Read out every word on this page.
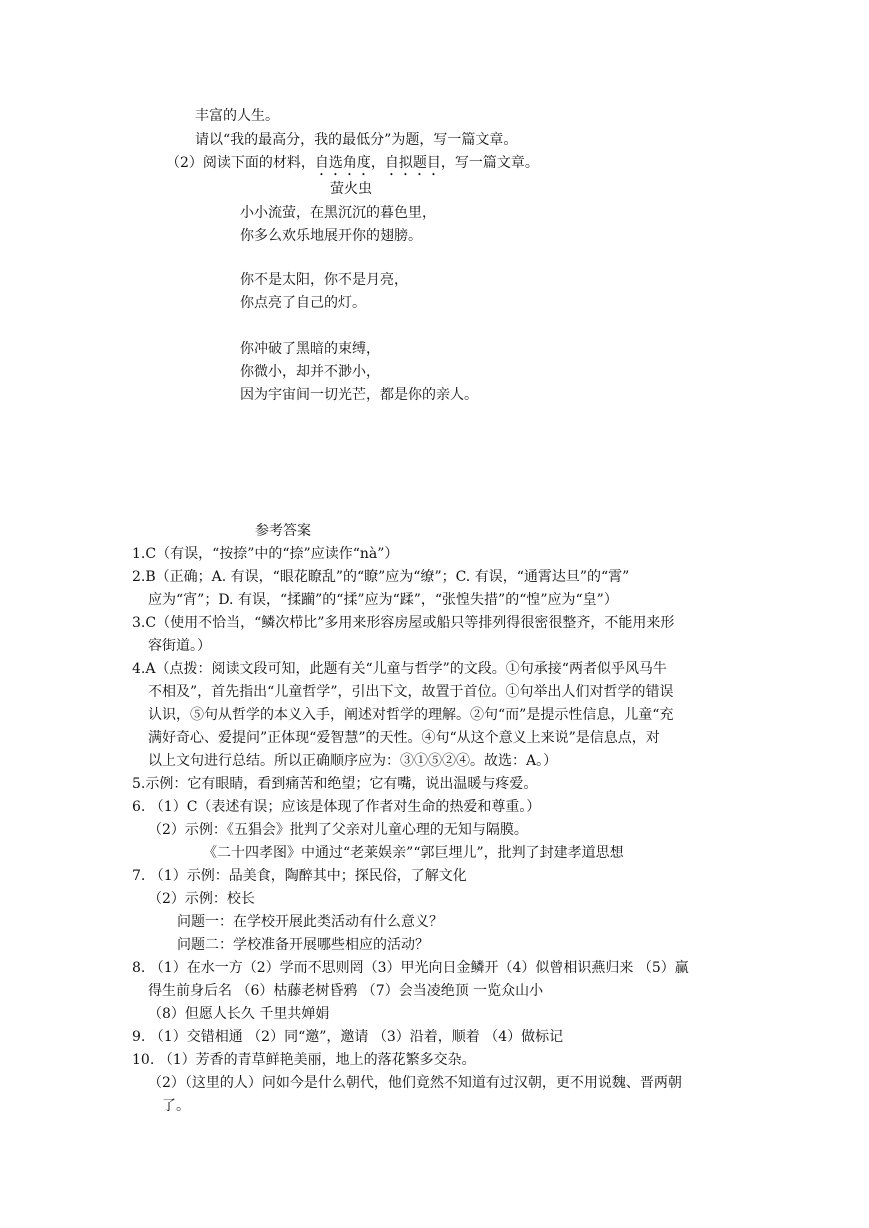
丰富的人生。
请以“我的最高分，我的最低分”为题，写一篇文章。
（2）阅读下面的材料，自选角度，自拟题目，写一篇文章。
萤火虫
小小流萤，在黑沉沉的暮色里，
你多么欢乐地展开你的翅膀。
你不是太阳，你不是月亮，
你点亮了自己的灯。
你冲破了黑暗的束缚，
你微小，却并不渺小，
因为宇宙间一切光芒，都是你的亲人。
参考答案
1.C（有误，“按捺”中的“捺”应读作“nà”）
2.B（正确；A. 有误，“眼花瞭乱”的“瞭”应为“缭”；C. 有误，“通霄达旦”的“霄”
应为“宵”；D. 有误，“揉躏”的“揉”应为“蹂”，“张惶失措”的“惶”应为“皇”）
3.C（使用不恰当，“鳞次栉比”多用来形容房屋或船只等排列得很密很整齐，不能用来形
容街道。）
4.A（点拨：阅读文段可知，此题有关“儿童与哲学”的文段。①句承接“两者似乎风马牛
不相及”，首先指出“儿童哲学”，引出下文，故置于首位。①句举出人们对哲学的错误
认识，⑤句从哲学的本义入手，阐述对哲学的理解。②句“而”是提示性信息，儿童“充
满好奇心、爱提问”正体现“爱智慧”的天性。④句“从这个意义上来说”是信息点，对
以上文句进行总结。所以正确顺序应为：③①⑤②④。故选：A。）
5.示例：它有眼睛，看到痛苦和绝望；它有嘴，说出温暖与疼爱。
6. （1）C（表述有误；应该是体现了作者对生命的热爱和尊重。）
（2）示例：《五猖会》批判了父亲对儿童心理的无知与隔膜。
《二十四孝图》中通过“老莱娱亲”“郭巨埋儿”，批判了封建孝道思想
7. （1）示例：品美食，陶醉其中；探民俗，了解文化
（2）示例：校长
问题一：在学校开展此类活动有什么意义？
问题二：学校准备开展哪些相应的活动？
8. （1）在水一方（2）学而不思则罔（3）甲光向日金鳞开（4）似曾相识燕归来 （5）赢
得生前身后名 （6）枯藤老树昏鸦 （7）会当凌绝顶 一览众山小
（8）但愿人长久 千里共婵娟
9. （1）交错相通 （2）同“邀”，邀请 （3）沿着，顺着 （4）做标记
10. （1）芳香的青草鲜艳美丽，地上的落花繁多交杂。
（2）（这里的人）问如今是什么朝代，他们竟然不知道有过汉朝，更不用说魏、晋两朝
了。
